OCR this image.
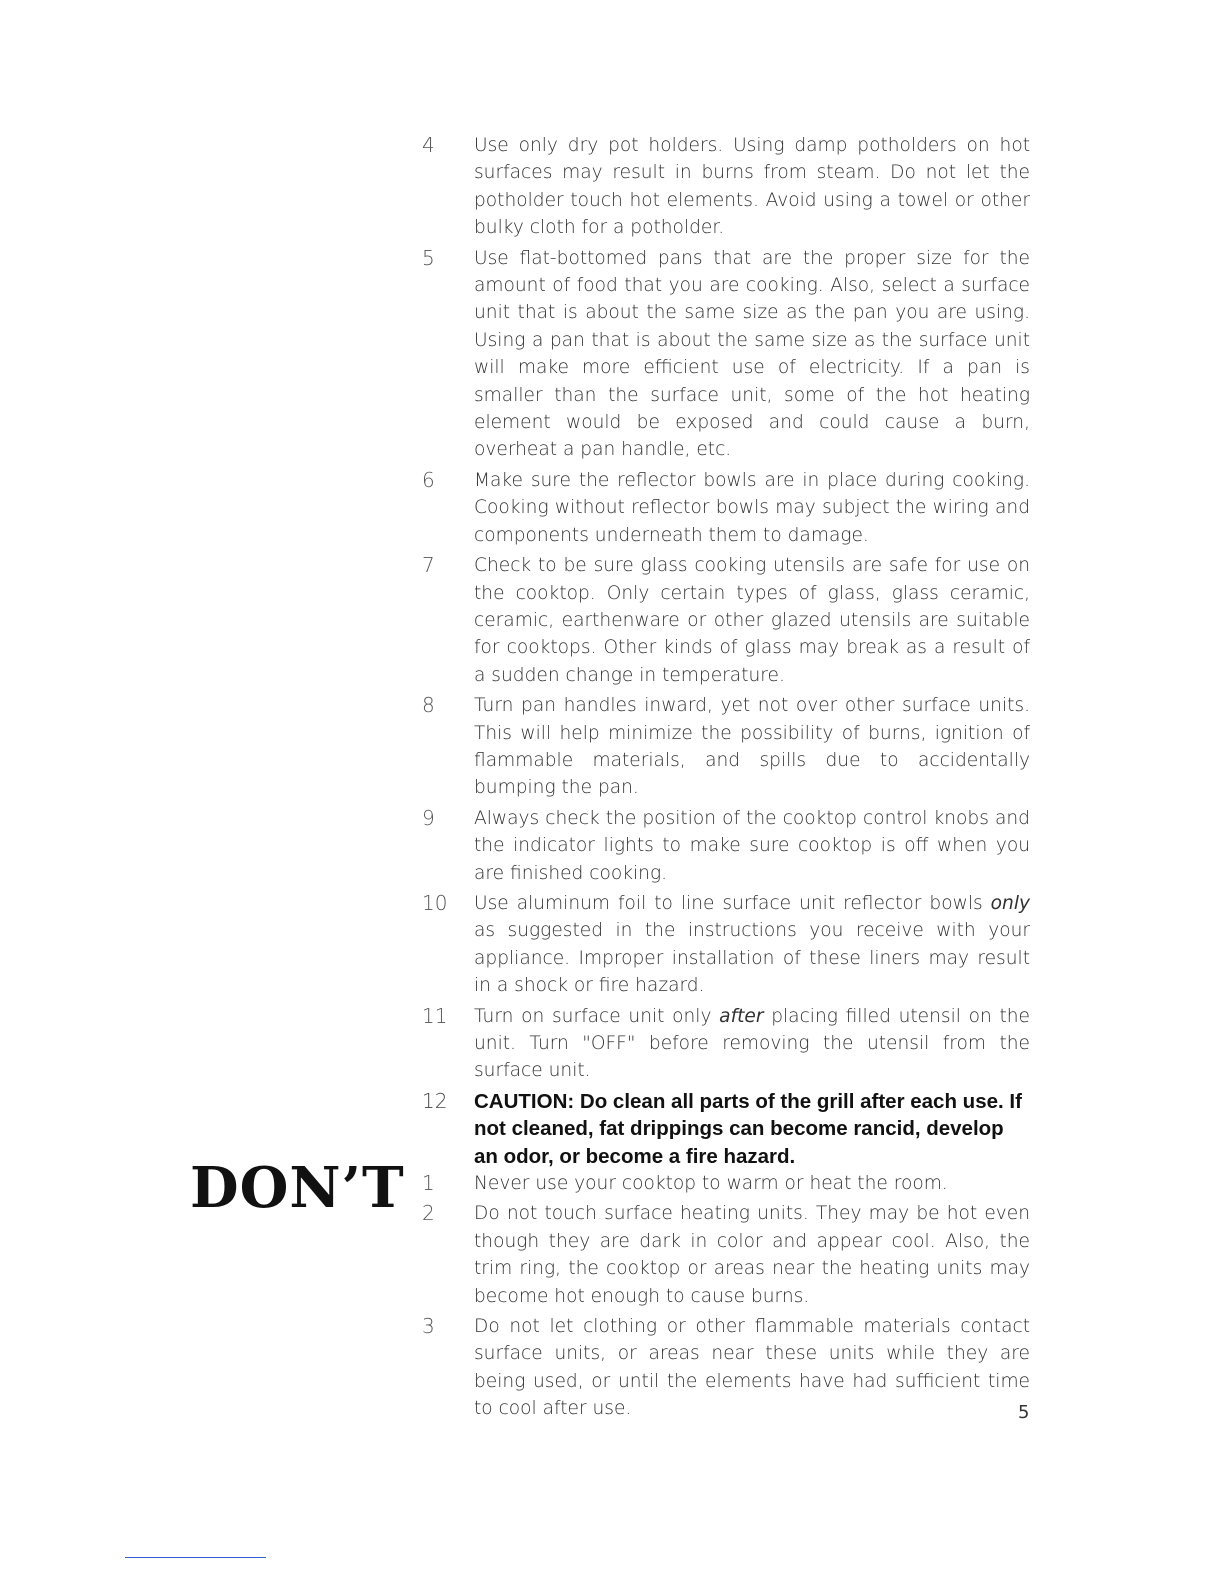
4	Use only dry pot holders. Using damp potholders on hot surfaces may result in burns from steam. Do not let the potholder touch hot elements. Avoid using a towel or other bulky cloth for a potholder.
5	Use flat-bottomed pans that are the proper size for the amount of food that you are cooking. Also, select a surface unit that is about the same size as the pan you are using. Using a pan that is about the same size as the surface unit will make more efficient use of electricity. If a pan is smaller than the surface unit, some of the hot heating element would be exposed and could cause a burn, overheat a pan handle, etc.
6	Make sure the reflector bowls are in place during cooking. Cooking without reflector bowls may subject the wiring and components underneath them to damage.
7	Check to be sure glass cooking utensils are safe for use on the cooktop. Only certain types of glass, glass ceramic, ceramic, earthenware or other glazed utensils are suitable for cooktops. Other kinds of glass may break as a result of a sudden change in temperature.
8	Turn pan handles inward, yet not over other surface units. This will help minimize the possibility of burns, ignition of flammable materials, and spills due to accidentally bumping the pan.
9	Always check the position of the cooktop control knobs and the indicator lights to make sure cooktop is off when you are finished cooking.
10	Use aluminum foil to line surface unit reflector bowls only as suggested in the instructions you receive with your appliance. Improper installation of these liners may result in a shock or fire hazard.
11	Turn on surface unit only after placing filled utensil on the unit. Turn "OFF" before removing the utensil from the surface unit.
12	CAUTION: Do clean all parts of the grill after each use. If not cleaned, fat drippings can become rancid, develop an odor, or become a fire hazard.
DON’T 1	Never use your cooktop to warm or heat the room.
2	Do not touch surface heating units. They may be hot even though they are dark in color and appear cool. Also, the trim ring, the cooktop or areas near the heating units may become hot enough to cause burns.
3	Do not let clothing or other flammable materials contact surface units, or areas near these units while they are being used, or until the elements have had sufficient time to cool after use.	5
